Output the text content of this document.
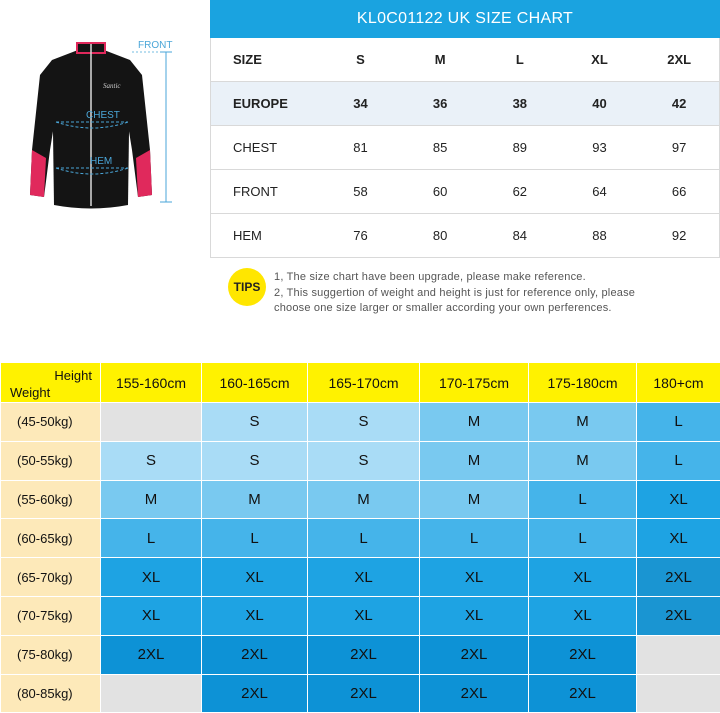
Santic
FRONT
CHEST
HEM
KL0C01122 UK SIZE CHART
SIZE	S	M	L	XL	2XL
EUROPE	34	36	38	40	42
CHEST	81	85	89	93	97
FRONT	58	60	62	64	66
HEM	76	80	84	88	92
TIPS
1, The size chart have been upgrade, please make reference.
2, This suggertion of weight and height is just for reference only, please
choose one size larger or smaller according your own perferences.
Height
Weight	155-160cm	160-165cm	165-170cm	170-175cm	175-180cm	180+cm
(45-50kg)		S	S	M	M	L
(50-55kg)	S	S	S	M	M	L
(55-60kg)	M	M	M	M	L	XL
(60-65kg)	L	L	L	L	L	XL
(65-70kg)	XL	XL	XL	XL	XL	2XL
(70-75kg)	XL	XL	XL	XL	XL	2XL
(75-80kg)	2XL	2XL	2XL	2XL	2XL	
(80-85kg)		2XL	2XL	2XL	2XL	
